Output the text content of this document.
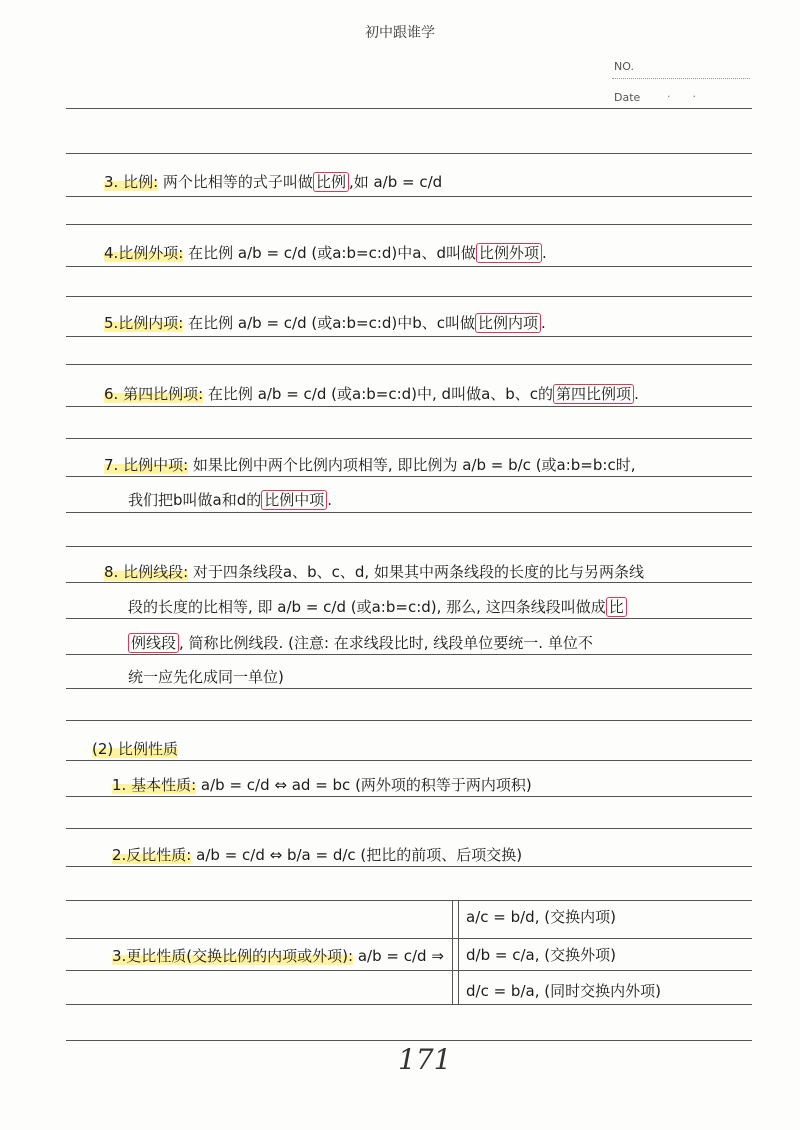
初中跟谁学
NO.
Date ··
3. 比例: 两个比相等的式子叫做 比例 ,如 a/b = c/d
4.比例外项: 在比例 a/b = c/d (或a:b=c:d)中a、d叫做 比例外项 .
5.比例内项: 在比例 a/b = c/d (或a:b=c:d)中b、c叫做 比例内项 .
6. 第四比例项: 在比例 a/b = c/d (或a:b=c:d)中, d叫做a、b、c的 第四比例项 .
7. 比例中项: 如果比例中两个比例内项相等, 即比例为 a/b = b/c (或a:b=b:c时,
我们把b叫做a和d的 比例中项 .
8. 比例线段: 对于四条线段a、b、c、d, 如果其中两条线段的长度的比与另两条线
段的长度的比相等, 即 a/b = c/d (或a:b=c:d), 那么, 这四条线段叫做成 比
例线段 , 简称比例线段. (注意: 在求线段比时, 线段单位要统一. 单位不
统一应先化成同一单位)
(2) 比例性质
1. 基本性质: a/b = c/d ⇔ ad = bc (两外项的积等于两内项积)
2.反比性质: a/b = c/d ⇔ b/a = d/c (把比的前项、后项交换)
3.更比性质(交换比例的内项或外项): a/b = c/d ⇒
a/c = b/d, (交换内项)
d/b = c/a, (交换外项)
d/c = b/a, (同时交换内外项)
171
